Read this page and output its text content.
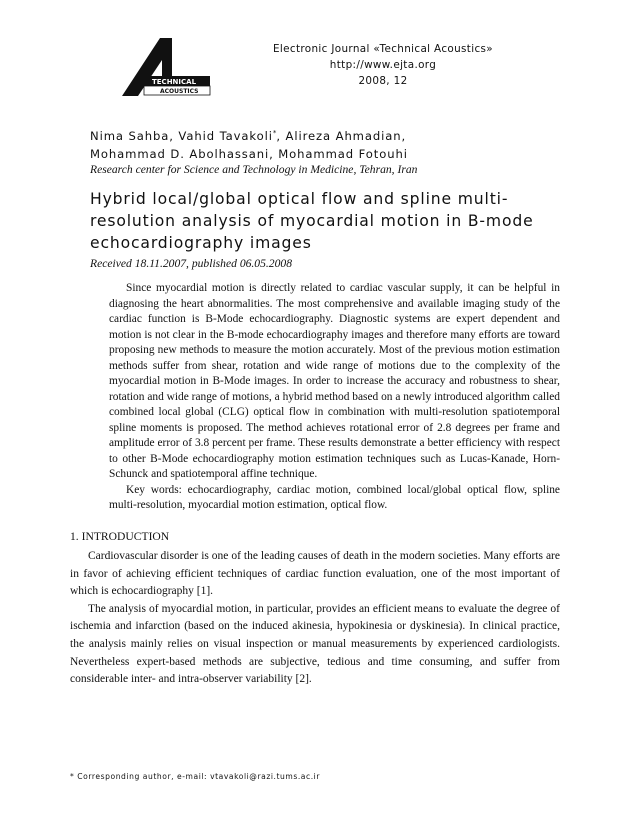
TECHNICAL
ACOUSTICS
Electronic Journal «Technical Acoustics»
http://www.ejta.org
2008, 12
Nima Sahba, Vahid Tavakoli*, Alireza Ahmadian,
Mohammad D. Abolhassani, Mohammad Fotouhi
Research center for Science and Technology in Medicine, Tehran, Iran
Hybrid local/global optical flow and spline multi-
resolution analysis of myocardial motion in B-mode
echocardiography images
Received 18.11.2007, published 06.05.2008

Since myocardial motion is directly related to cardiac vascular supply, it can be helpful in diagnosing the heart abnormalities. The most comprehensive and available imaging study of the cardiac function is B-Mode echocardiography. Diagnostic systems are expert dependent and motion is not clear in the B-mode echocardiography images and therefore many efforts are toward proposing new methods to measure the motion accurately. Most of the previous motion estimation methods suffer from shear, rotation and wide range of motions due to the complexity of the myocardial motion in B-Mode images. In order to increase the accuracy and robustness to shear, rotation and wide range of motions, a hybrid method based on a newly introduced algorithm called combined local global (CLG) optical flow in combination with multi-resolution spatiotemporal spline moments is proposed. The method achieves rotational error of 2.8 degrees per frame and amplitude error of 3.8 percent per frame. These results demonstrate a better efficiency with respect to other B-Mode echocardiography motion estimation techniques such as Lucas-Kanade, Horn-Schunck and spatiotemporal affine technique.

Key words: echocardiography, cardiac motion, combined local/global optical flow, spline multi-resolution, myocardial motion estimation, optical flow.

1. INTRODUCTION

Cardiovascular disorder is one of the leading causes of death in the modern societies. Many efforts are in favor of achieving efficient techniques of cardiac function evaluation, one of the most important of which is echocardiography [1].

The analysis of myocardial motion, in particular, provides an efficient means to evaluate the degree of ischemia and infarction (based on the induced akinesia, hypokinesia or dyskinesia). In clinical practice, the analysis mainly relies on visual inspection or manual measurements by experienced cardiologists. Nevertheless expert-based methods are subjective, tedious and time consuming, and suffer from considerable inter- and intra-observer variability [2].

* Corresponding author, e-mail: vtavakoli@razi.tums.ac.ir
